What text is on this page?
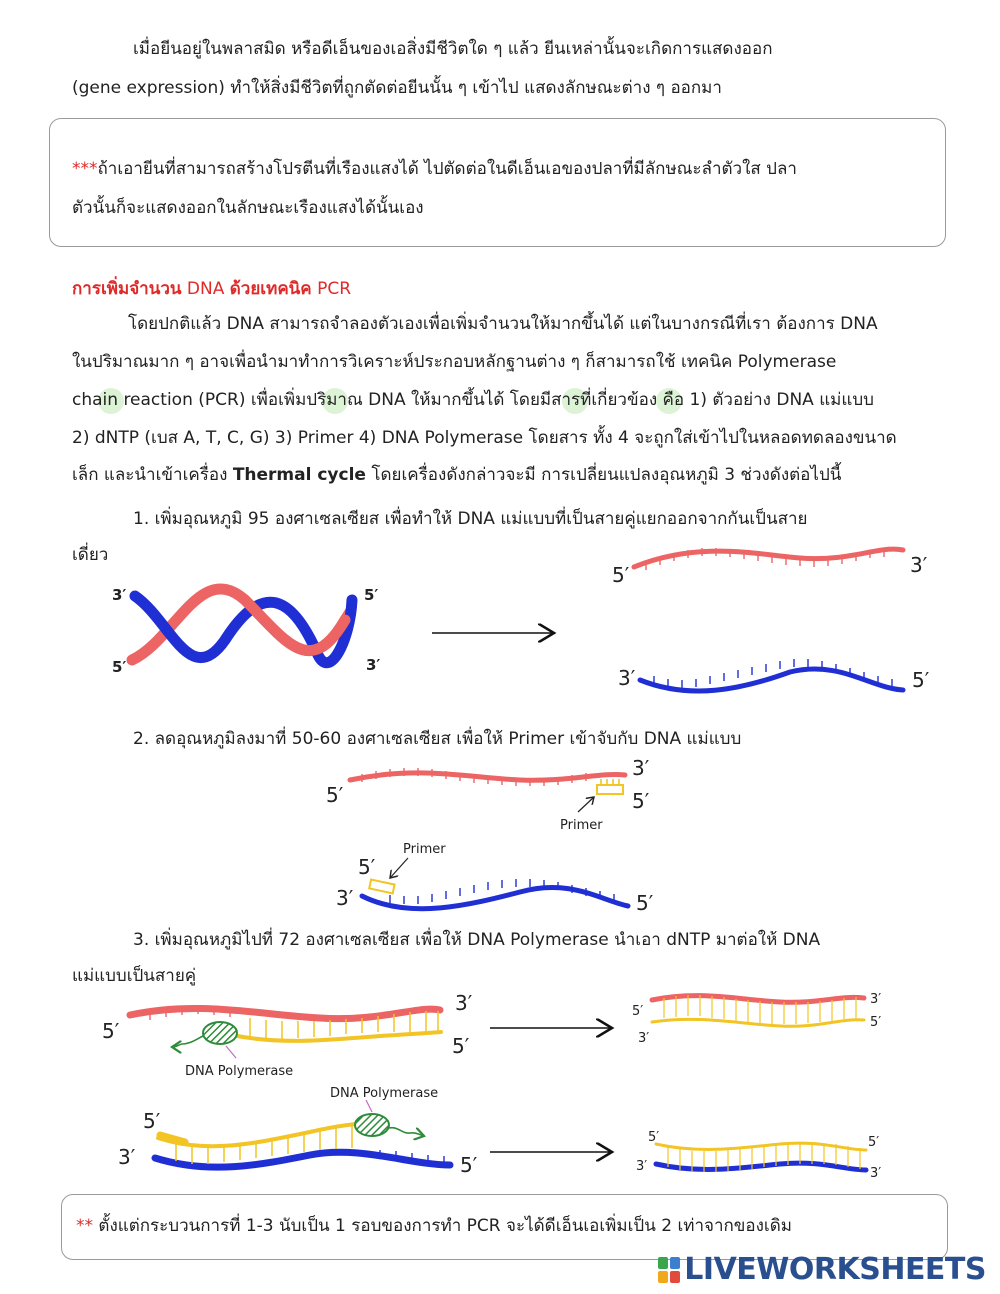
เมื่อยีนอยู่ในพลาสมิด หรือดีเอ็นของเอสิ่งมีชีวิตใด ๆ แล้ว ยีนเหล่านั้นจะเกิดการแสดงออก
(gene expression) ทำให้สิ่งมีชีวิตที่ถูกตัดต่อยีนนั้น ๆ เข้าไป แสดงลักษณะต่าง ๆ ออกมา
***ถ้าเอายีนที่สามารถสร้างโปรตีนที่เรืองแสงได้ ไปตัดต่อในดีเอ็นเอของปลาที่มีลักษณะลำตัวใส ปลา
ตัวนั้นก็จะแสดงออกในลักษณะเรืองแสงได้นั้นเอง
การเพิ่มจำนวน DNA ด้วยเทคนิค PCR
โดยปกติแล้ว DNA สามารถจำลองตัวเองเพื่อเพิ่มจำนวนให้มากขึ้นได้ แต่ในบางกรณีที่เรา ต้องการ DNA
ในปริมาณมาก ๆ อาจเพื่อนำมาทำการวิเคราะห์ประกอบหลักฐานต่าง ๆ ก็สามารถใช้ เทคนิค Polymerase
chain reaction (PCR) เพื่อเพิ่มปริมาณ DNA ให้มากขึ้นได้ โดยมีสารที่เกี่ยวข้อง คือ 1) ตัวอย่าง DNA แม่แบบ
2) dNTP (เบส A, T, C, G) 3) Primer 4) DNA Polymerase โดยสาร ทั้ง 4 จะถูกใส่เข้าไปในหลอดทดลองขนาด
เล็ก และนำเข้าเครื่อง Thermal cycle โดยเครื่องดังกล่าวจะมี การเปลี่ยนแปลงอุณหภูมิ 3 ช่วงดังต่อไปนี้
1. เพิ่มอุณหภูมิ 95 องศาเซลเซียส เพื่อทำให้ DNA แม่แบบที่เป็นสายคู่แยกออกจากกันเป็นสาย
เดี่ยว
2. ลดอุณหภูมิลงมาที่ 50-60 องศาเซลเซียส เพื่อให้ Primer เข้าจับกับ DNA แม่แบบ
3. เพิ่มอุณหภูมิไปที่ 72 องศาเซลเซียส เพื่อให้ DNA Polymerase นำเอา dNTP มาต่อให้ DNA
แม่แบบเป็นสายคู่
3′	5′
5′	3′
5′	3′
3′	5′
5′
3′
5′
Primer
3′
5′
5′
Primer
5′
3′
5′
DNA Polymerase
5′
3′
3′
5′
5′
3′	5′
DNA Polymerase
5′
3′
5′
3′
** ตั้งแต่กระบวนการที่ 1-3 นับเป็น 1 รอบของการทำ PCR จะได้ดีเอ็นเอเพิ่มเป็น 2 เท่าจากของเดิม
LIVEWORKSHEETS
